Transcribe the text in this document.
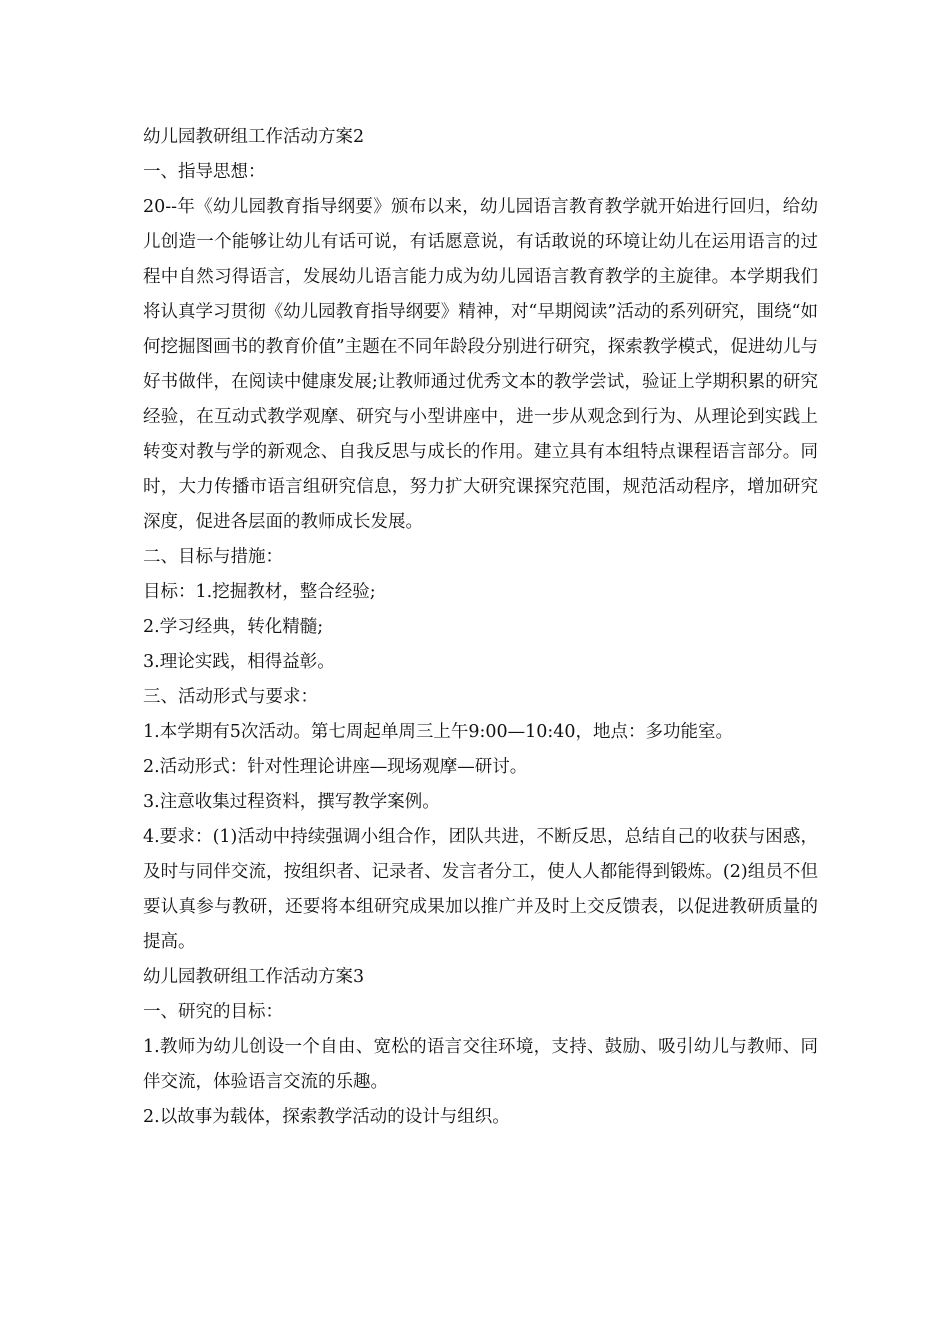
幼儿园教研组工作活动方案2

一、指导思想：

20--年《幼儿园教育指导纲要》颁布以来，幼儿园语言教育教学就开始进行回归，给幼儿创造一个能够让幼儿有话可说，有话愿意说，有话敢说的环境让幼儿在运用语言的过程中自然习得语言，发展幼儿语言能力成为幼儿园语言教育教学的主旋律。本学期我们将认真学习贯彻《幼儿园教育指导纲要》精神，对“早期阅读”活动的系列研究，围绕“如何挖掘图画书的教育价值”主题在不同年龄段分别进行研究，探索教学模式，促进幼儿与好书做伴，在阅读中健康发展;让教师通过优秀文本的教学尝试，验证上学期积累的研究经验，在互动式教学观摩、研究与小型讲座中，进一步从观念到行为、从理论到实践上转变对教与学的新观念、自我反思与成长的作用。建立具有本组特点课程语言部分。同时，大力传播市语言组研究信息，努力扩大研究课探究范围，规范活动程序，增加研究深度，促进各层面的教师成长发展。

二、目标与措施：

目标：1.挖掘教材，整合经验;

2.学习经典，转化精髓;

3.理论实践，相得益彰。

三、活动形式与要求：

1.本学期有5次活动。第七周起单周三上午9:00—10:40，地点：多功能室。

2.活动形式：针对性理论讲座—现场观摩—研讨。

3.注意收集过程资料，撰写教学案例。

4.要求：(1)活动中持续强调小组合作，团队共进，不断反思，总结自己的收获与困惑，及时与同伴交流，按组织者、记录者、发言者分工，使人人都能得到锻炼。(2)组员不但要认真参与教研，还要将本组研究成果加以推广并及时上交反馈表，以促进教研质量的提高。

幼儿园教研组工作活动方案3

一、研究的目标：

1.教师为幼儿创设一个自由、宽松的语言交往环境，支持、鼓励、吸引幼儿与教师、同伴交流，体验语言交流的乐趣。

2.以故事为载体，探索教学活动的设计与组织。
